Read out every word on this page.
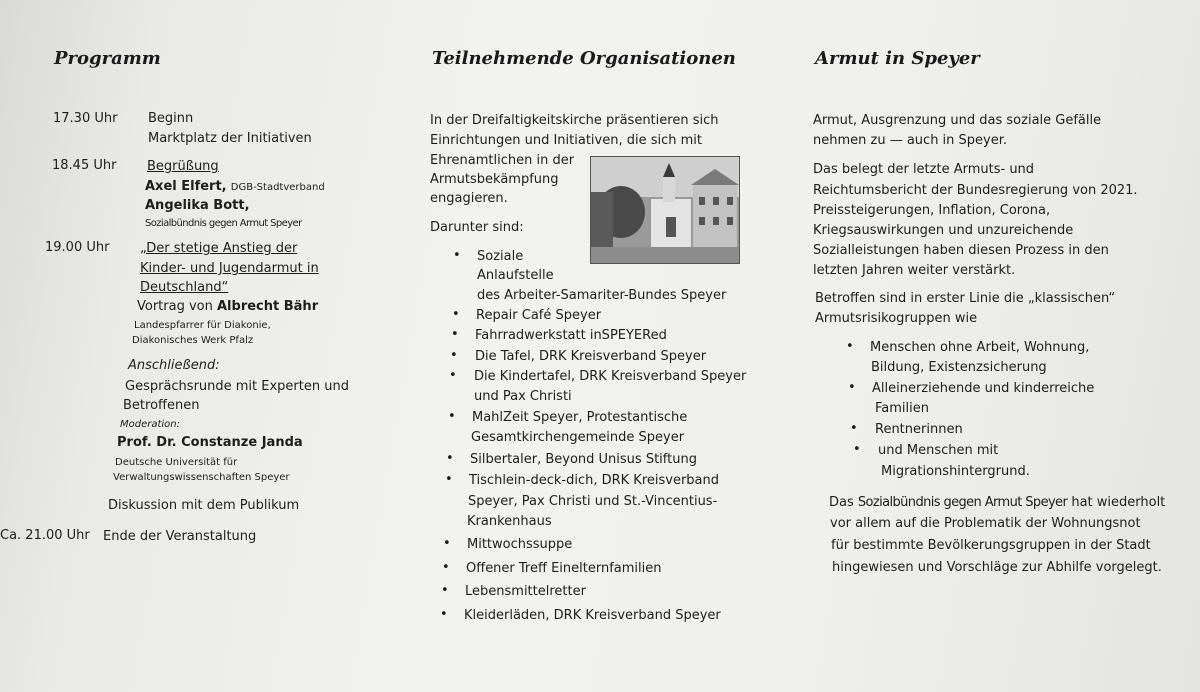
Programm
17.30 Uhr Beginn
Marktplatz der Initiativen
18.45 Uhr Begrüßung
Axel Elfert, DGB-Stadtverband
Angelika Bott,
Sozialbündnis gegen Armut Speyer
19.00 Uhr „Der stetige Anstieg der
Kinder- und Jugendarmut in
Deutschland“
Vortrag von Albrecht Bähr
Landespfarrer für Diakonie,
Diakonisches Werk Pfalz
Anschließend:
Gesprächsrunde mit Experten und
Betroffenen
Moderation:
Prof. Dr. Constanze Janda
Deutsche Universität für
Verwaltungswissenschaften Speyer
Diskussion mit dem Publikum
Ca. 21.00 Uhr Ende der Veranstaltung
Teilnehmende Organisationen
In der Dreifaltigkeitskirche präsentieren sich
Einrichtungen und Initiativen, die sich mit
Ehrenamtlichen in der
Armutsbekämpfung
engagieren.
Darunter sind:
• Soziale
Anlaufstelle
des Arbeiter-Samariter-Bundes Speyer
• Repair Café Speyer
• Fahrradwerkstatt inSPEYERed
• Die Tafel, DRK Kreisverband Speyer
• Die Kindertafel, DRK Kreisverband Speyer
und Pax Christi
• MahlZeit Speyer, Protestantische
Gesamtkirchengemeinde Speyer
• Silbertaler, Beyond Unisus Stiftung
• Tischlein-deck-dich, DRK Kreisverband
Speyer, Pax Christi und St.-Vincentius-
Krankenhaus
• Mittwochssuppe
• Offener Treff Einelternfamilien
• Lebensmittelretter
• Kleiderläden, DRK Kreisverband Speyer
Armut in Speyer
Armut, Ausgrenzung und das soziale Gefälle
nehmen zu — auch in Speyer.
Das belegt der letzte Armuts- und
Reichtumsbericht der Bundesregierung von 2021.
Preissteigerungen, Inflation, Corona,
Kriegsauswirkungen und unzureichende
Sozialleistungen haben diesen Prozess in den
letzten Jahren weiter verstärkt.
Betroffen sind in erster Linie die „klassischen“
Armutsrisikogruppen wie
• Menschen ohne Arbeit, Wohnung,
Bildung, Existenzsicherung
• Alleinerziehende und kinderreiche
Familien
• Rentnerinnen
• und Menschen mit
Migrationshintergrund.
Das Sozialbündnis gegen Armut Speyer hat wiederholt
vor allem auf die Problematik der Wohnungsnot
für bestimmte Bevölkerungsgruppen in der Stadt
hingewiesen und Vorschläge zur Abhilfe vorgelegt.
